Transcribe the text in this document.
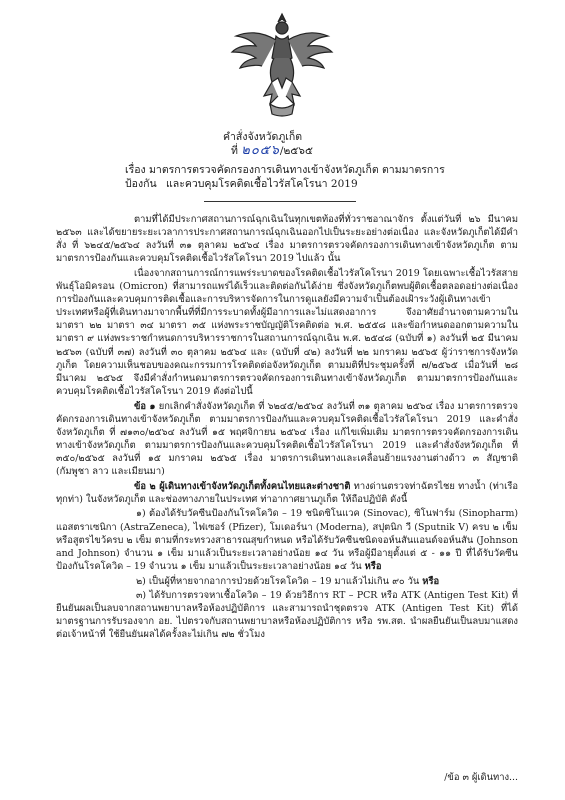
คำสั่งจังหวัดภูเก็ต
ที่ ๒๐๕๖/๒๕๖๕
เรื่อง มาตรการตรวจคัดกรองการเดินทางเข้าจังหวัดภูเก็ต ตามมาตรการป้องกัน และควบคุมโรคติดเชื้อไวรัสโคโรนา 2019

ตามที่ได้มีประกาศสถานการณ์ฉุกเฉินในทุกเขตท้องที่ทั่วราชอาณาจักร ตั้งแต่วันที่ ๒๖ มีนาคม ๒๕๖๓ และได้ขยายระยะเวลาการประกาศสถานการณ์ฉุกเฉินออกไปเป็นระยะอย่างต่อเนื่อง และจังหวัดภูเก็ตได้มีคำสั่ง ที่ ๖๒๔๕/๒๕๖๔ ลงวันที่ ๓๑ ตุลาคม ๒๕๖๔ เรื่อง มาตรการตรวจคัดกรองการเดินทางเข้าจังหวัดภูเก็ต ตามมาตรการป้องกันและควบคุมโรคติดเชื้อไวรัสโคโรนา 2019 ไปแล้ว นั้น

เนื่องจากสถานการณ์การแพร่ระบาดของโรคติดเชื้อไวรัสโคโรนา 2019 โดยเฉพาะเชื้อไวรัสสายพันธุ์โอมิครอน (Omicron) ที่สามารถแพร่ได้เร็วและติดต่อกันได้ง่าย ซึ่งจังหวัดภูเก็ตพบผู้ติดเชื้อตลอดอย่างต่อเนื่อง การป้องกันและควบคุมการติดเชื้อและการบริหารจัดการในการดูแลยังมีความจำเป็นต้องเฝ้าระวังผู้เดินทางเข้าประเทศหรือผู้ที่เดินทางมาจากพื้นที่ที่มีการระบาดทั้งผู้มีอาการและไม่แสดงอาการ จึงอาศัยอำนาจตามความในมาตรา ๒๒ มาตรา ๓๔ มาตรา ๓๕ แห่งพระราชบัญญัติโรคติดต่อ พ.ศ. ๒๕๕๘ และข้อกำหนดออกตามความในมาตรา ๙ แห่งพระราชกำหนดการบริหารราชการในสถานการณ์ฉุกเฉิน พ.ศ. ๒๕๔๘ (ฉบับที่ ๑) ลงวันที่ ๒๕ มีนาคม ๒๕๖๓ (ฉบับที่ ๓๗) ลงวันที่ ๓๐ ตุลาคม ๒๕๖๔ และ (ฉบับที่ ๔๒) ลงวันที่ ๒๒ มกราคม ๒๕๖๕ ผู้ว่าราชการจังหวัดภูเก็ต โดยความเห็นชอบของคณะกรรมการโรคติดต่อจังหวัดภูเก็ต ตามมติที่ประชุมครั้งที่ ๗/๒๕๖๕ เมื่อวันที่ ๒๘ มีนาคม ๒๕๖๕ จึงมีคำสั่งกำหนดมาตรการตรวจคัดกรองการเดินทางเข้าจังหวัดภูเก็ต ตามมาตรการป้องกันและควบคุมโรคติดเชื้อไวรัสโคโรนา 2019 ดังต่อไปนี้

ข้อ ๑ ยกเลิกคำสั่งจังหวัดภูเก็ต ที่ ๖๒๔๕/๒๕๖๔ ลงวันที่ ๓๑ ตุลาคม ๒๕๖๔ เรื่อง มาตรการตรวจคัดกรองการเดินทางเข้าจังหวัดภูเก็ต ตามมาตรการป้องกันและควบคุมโรคติดเชื้อไวรัสโคโรนา 2019 และคำสั่งจังหวัดภูเก็ต ที่ ๗๑๓๐/๒๕๖๔ ลงวันที่ ๑๕ พฤศจิกายน ๒๕๖๔ เรื่อง แก้ไขเพิ่มเติม มาตรการตรวจคัดกรองการเดินทางเข้าจังหวัดภูเก็ต ตามมาตรการป้องกันและควบคุมโรคติดเชื้อไวรัสโคโรนา 2019 และคำสั่งจังหวัดภูเก็ต ที่ ๓๕๐/๒๕๖๕ ลงวันที่ ๑๕ มกราคม ๒๕๖๕ เรื่อง มาตรการเดินทางและเคลื่อนย้ายแรงงานต่างด้าว ๓ สัญชาติ (กัมพูชา ลาว และเมียนมา)

ข้อ ๒ ผู้เดินทางเข้าจังหวัดภูเก็ตทั้งคนไทยและต่างชาติ ทางด่านตรวจท่าฉัตรไชย ทางน้ำ (ท่าเรือ ทุกท่า) ในจังหวัดภูเก็ต และช่องทางภายในประเทศ ท่าอากาศยานภูเก็ต ให้ถือปฏิบัติ ดังนี้

๑) ต้องได้รับวัคซีนป้องกันโรคโควิด – 19 ชนิดซิโนแวค (Sinovac), ซิโนฟาร์ม (Sinopharm) แอสตราเซนิกา (AstraZeneca), ไฟเซอร์ (Pfizer), โมเดอร์นา (Moderna), สปุตนิก วี (Sputnik V) ครบ ๒ เข็ม หรือสูตรไขว้ครบ ๒ เข็ม ตามที่กระทรวงสาธารณสุขกำหนด หรือได้รับวัคซีนชนิดจอห์นสันแอนด์จอห์นสัน (Johnson and Johnson) จำนวน ๑ เข็ม มาแล้วเป็นระยะเวลาอย่างน้อย ๑๔ วัน หรือผู้มีอายุตั้งแต่ ๕ - ๑๑ ปี ที่ได้รับวัคซีนป้องกันโรคโควิด – 19 จำนวน ๑ เข็ม มาแล้วเป็นระยะเวลาอย่างน้อย ๑๔ วัน หรือ

๒) เป็นผู้ที่หายจากอาการป่วยด้วยโรคโควิด – 19 มาแล้วไม่เกิน ๙๐ วัน หรือ

๓) ได้รับการตรวจหาเชื้อโควิด – 19 ด้วยวิธีการ RT – PCR หรือ ATK (Antigen Test Kit) ที่ยืนยันผลเป็นลบจากสถานพยาบาลหรือห้องปฏิบัติการ และสามารถนำชุดตรวจ ATK (Antigen Test Kit) ที่ได้มาตรฐานการรับรองจาก อย. ไปตรวจกับสถานพยาบาลหรือห้องปฏิบัติการ หรือ รพ.สต. นำผลยืนยันเป็นลบมาแสดงต่อเจ้าหน้าที่ ใช้ยืนยันผลได้ครั้งละไม่เกิน ๗๒ ชั่วโมง

/ข้อ ๓ ผู้เดินทาง...
